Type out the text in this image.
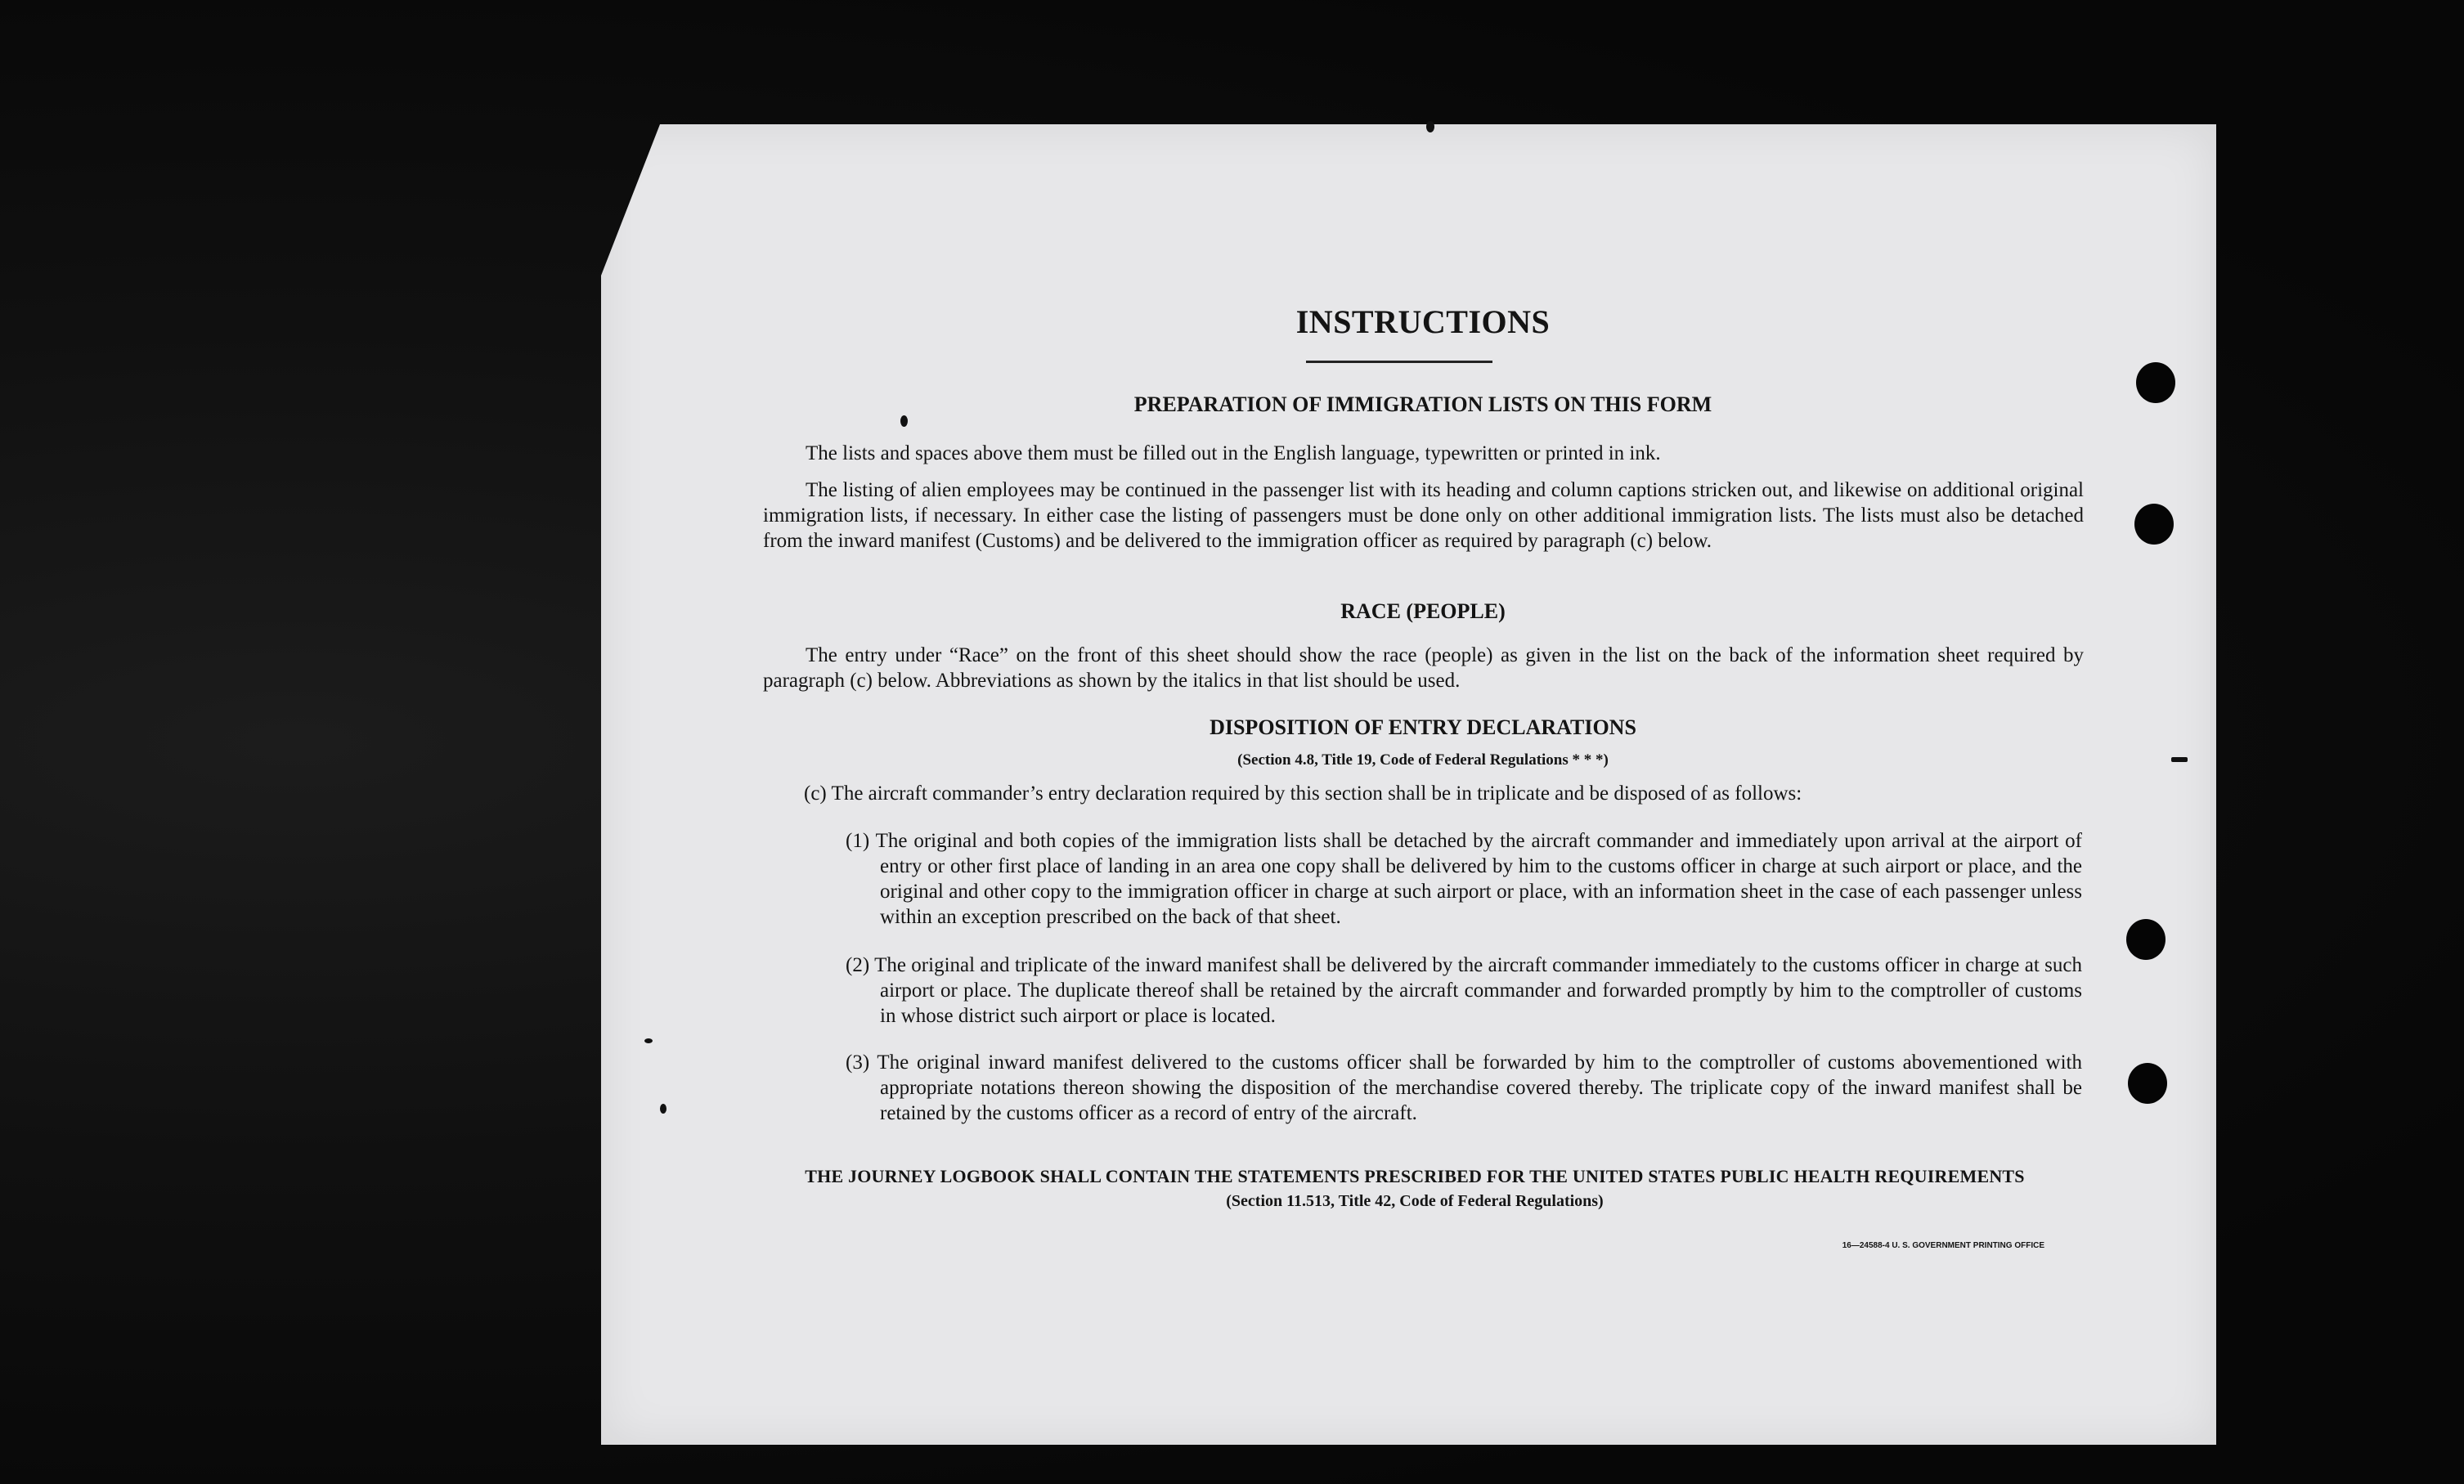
INSTRUCTIONS
PREPARATION OF IMMIGRATION LISTS ON THIS FORM

The lists and spaces above them must be filled out in the English language, typewritten or printed in ink.

The listing of alien employees may be continued in the passenger list with its heading and column captions stricken out, and likewise on additional original immigration lists, if necessary. In either case the listing of passengers must be done only on other additional immigration lists. The lists must also be detached from the inward manifest (Customs) and be delivered to the immigration officer as required by paragraph (c) below.

RACE (PEOPLE)

The entry under “Race” on the front of this sheet should show the race (people) as given in the list on the back of the information sheet required by paragraph (c) below. Abbreviations as shown by the italics in that list should be used.

DISPOSITION OF ENTRY DECLARATIONS
(Section 4.8, Title 19, Code of Federal Regulations * * *)

(c) The aircraft commander’s entry declaration required by this section shall be in triplicate and be disposed of as follows:

(1) The original and both copies of the immigration lists shall be detached by the aircraft commander and immediately upon arrival at the airport of entry or other first place of landing in an area one copy shall be delivered by him to the customs officer in charge at such airport or place, and the original and other copy to the immigration officer in charge at such airport or place, with an information sheet in the case of each passenger unless within an exception prescribed on the back of that sheet.

(2) The original and triplicate of the inward manifest shall be delivered by the aircraft commander immediately to the customs officer in charge at such airport or place. The duplicate thereof shall be retained by the aircraft commander and forwarded promptly by him to the comptroller of customs in whose district such airport or place is located.

(3) The original inward manifest delivered to the customs officer shall be forwarded by him to the comptroller of customs abovementioned with appropriate notations thereon showing the disposition of the merchandise covered thereby. The triplicate copy of the inward manifest shall be retained by the customs officer as a record of entry of the aircraft.

THE JOURNEY LOGBOOK SHALL CONTAIN THE STATEMENTS PRESCRIBED FOR THE UNITED STATES PUBLIC HEALTH REQUIREMENTS
(Section 11.513, Title 42, Code of Federal Regulations)
16—24588-4 U. S. GOVERNMENT PRINTING OFFICE
